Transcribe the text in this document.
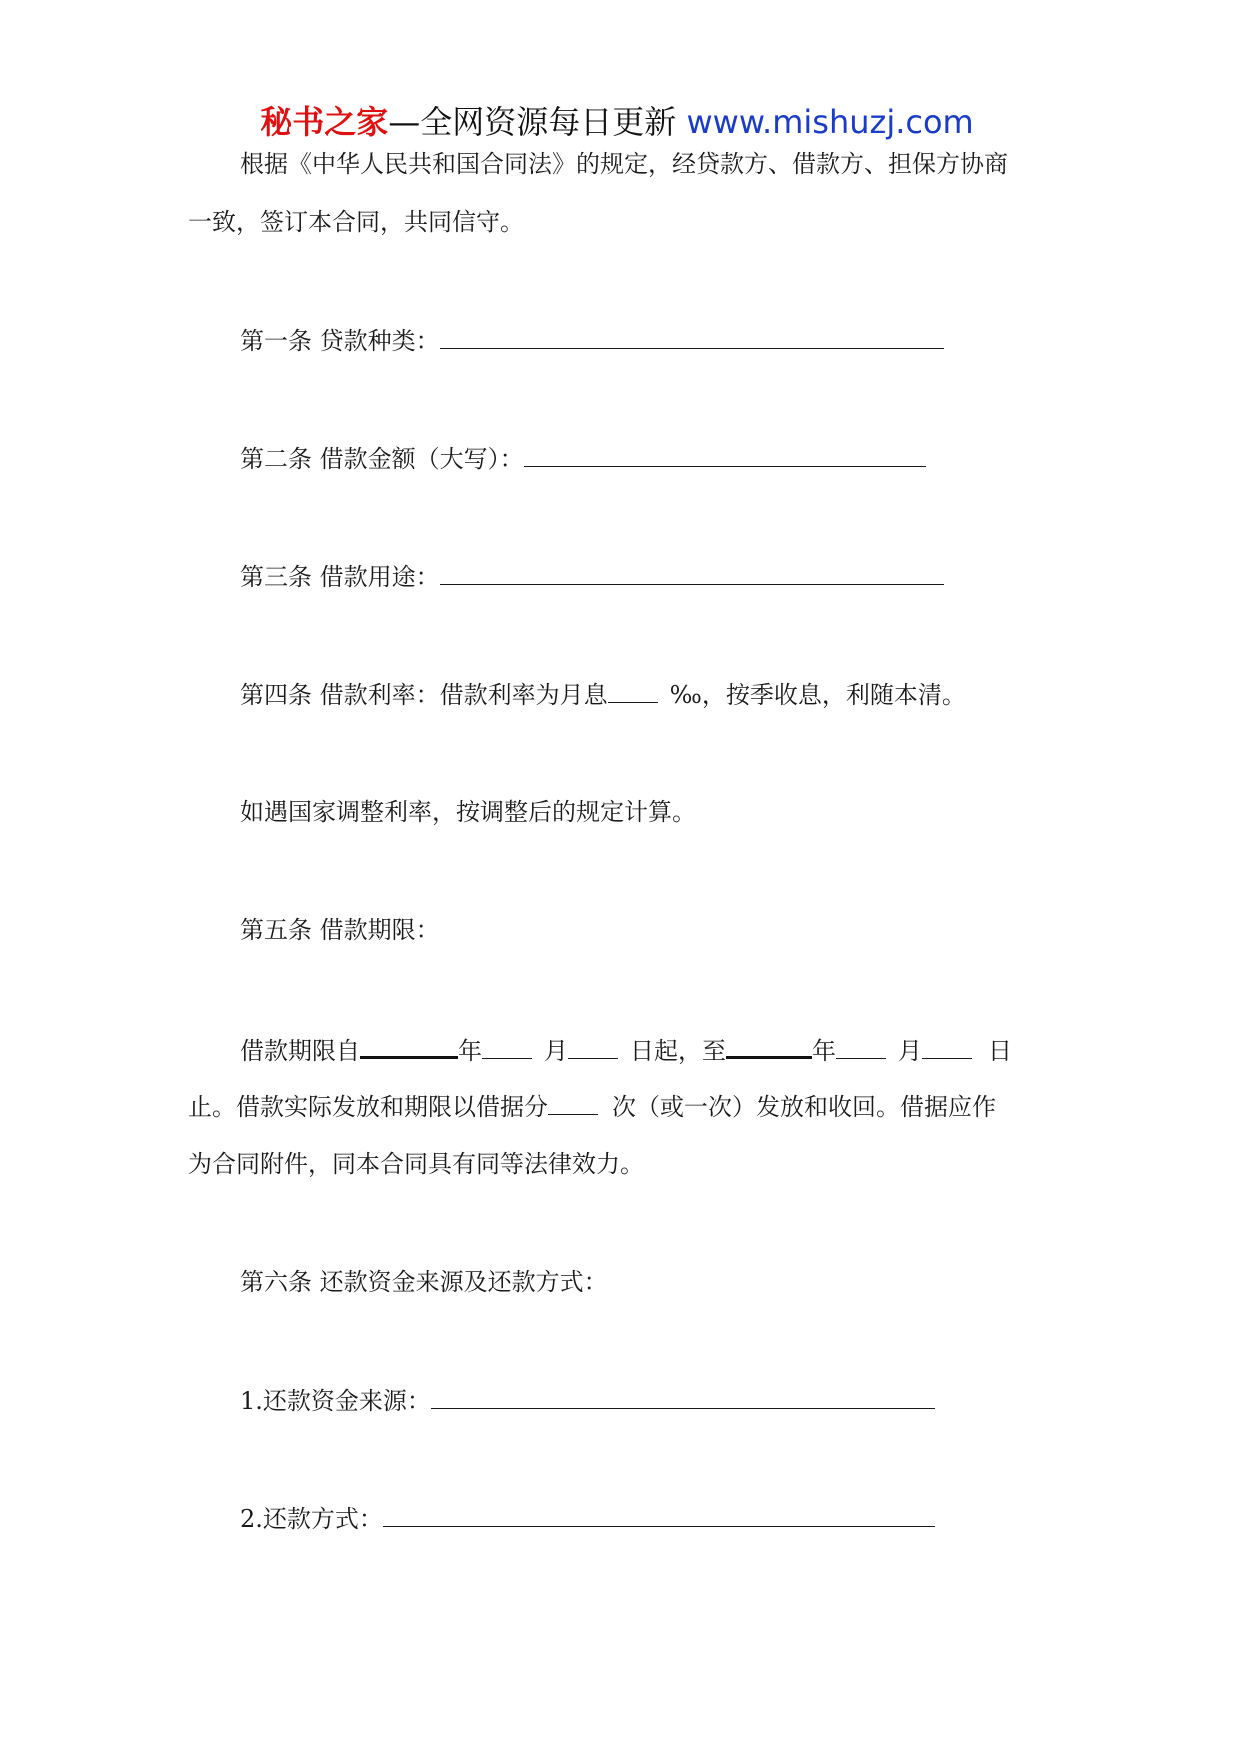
秘书之家—全网资源每日更新 www.mishuzj.com
根据《中华人民共和国合同法》的规定，经贷款方、借款方、担保方协商
一致，签订本合同，共同信守。
第一条 贷款种类：
第二条 借款金额（大写）：
第三条 借款用途：
第四条 借款利率：借款利率为月息	‰，按季收息，利随本清。
如遇国家调整利率，按调整后的规定计算。
第五条 借款期限：
借款期限自	年	月	日起，至	年	月	日
止。借款实际发放和期限以借据分	次（或一次）发放和收回。借据应作
为合同附件，同本合同具有同等法律效力。
第六条 还款资金来源及还款方式：
1.还款资金来源：
2.还款方式：
